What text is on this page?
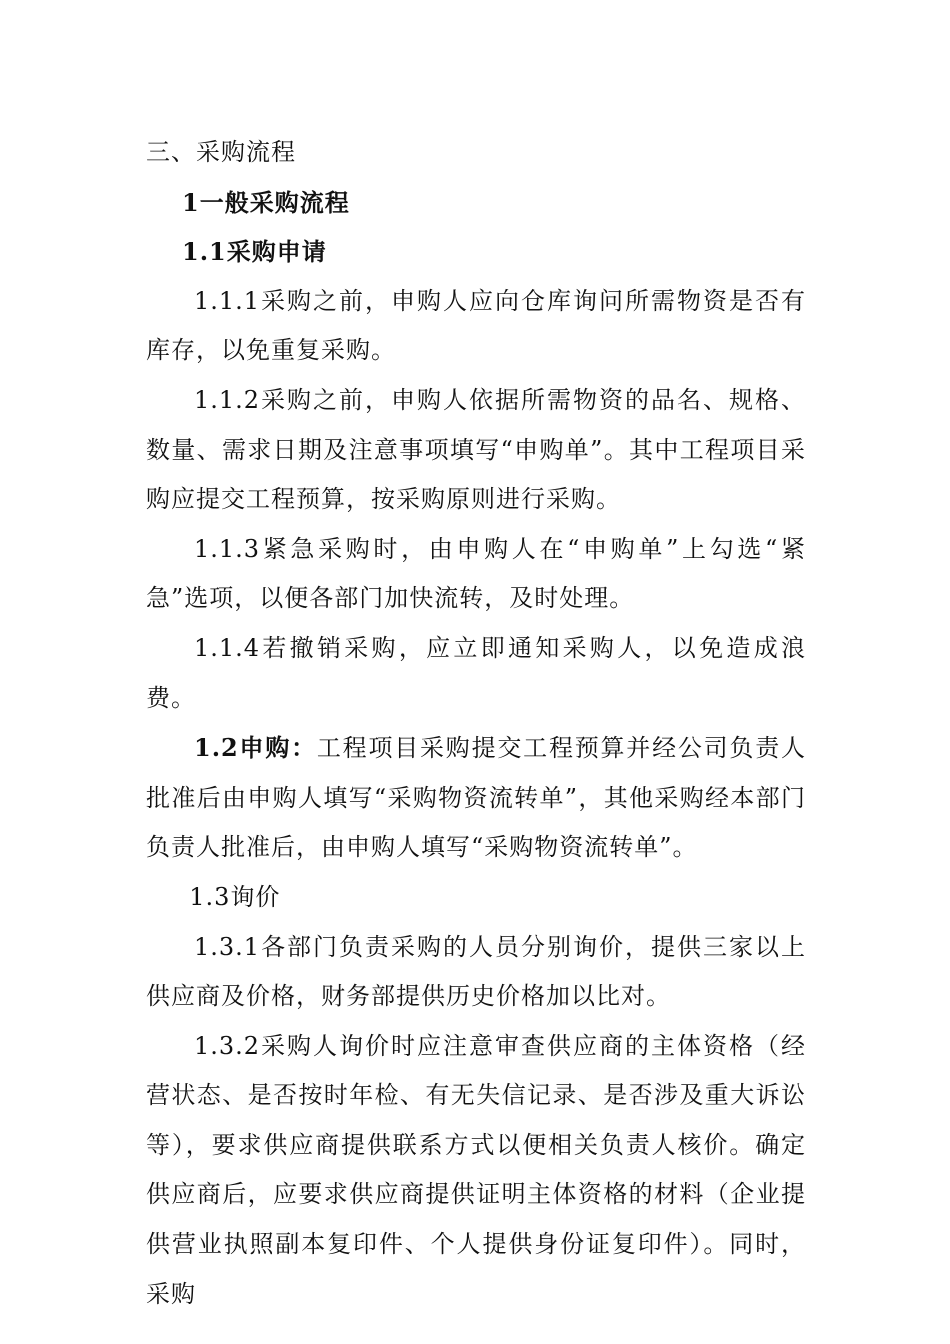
三、采购流程

1一般采购流程

1.1采购申请

1.1.1采购之前，申购人应向仓库询问所需物资是否有库存，以免重复采购。

1.1.2采购之前，申购人依据所需物资的品名、规格、数量、需求日期及注意事项填写“申购单”。其中工程项目采购应提交工程预算，按采购原则进行采购。

1.1.3紧急采购时，由申购人在“申购单”上勾选“紧急”选项，以便各部门加快流转，及时处理。

1.1.4若撤销采购，应立即通知采购人，以免造成浪费。

1.2申购：工程项目采购提交工程预算并经公司负责人批准后由申购人填写“采购物资流转单”，其他采购经本部门负责人批准后，由申购人填写“采购物资流转单”。

1.3询价

1.3.1各部门负责采购的人员分别询价，提供三家以上供应商及价格，财务部提供历史价格加以比对。

1.3.2采购人询价时应注意审查供应商的主体资格（经营状态、是否按时年检、有无失信记录、是否涉及重大诉讼等），要求供应商提供联系方式以便相关负责人核价。确定供应商后，应要求供应商提供证明主体资格的材料（企业提供营业执照副本复印件、个人提供身份证复印件）。同时，采购
